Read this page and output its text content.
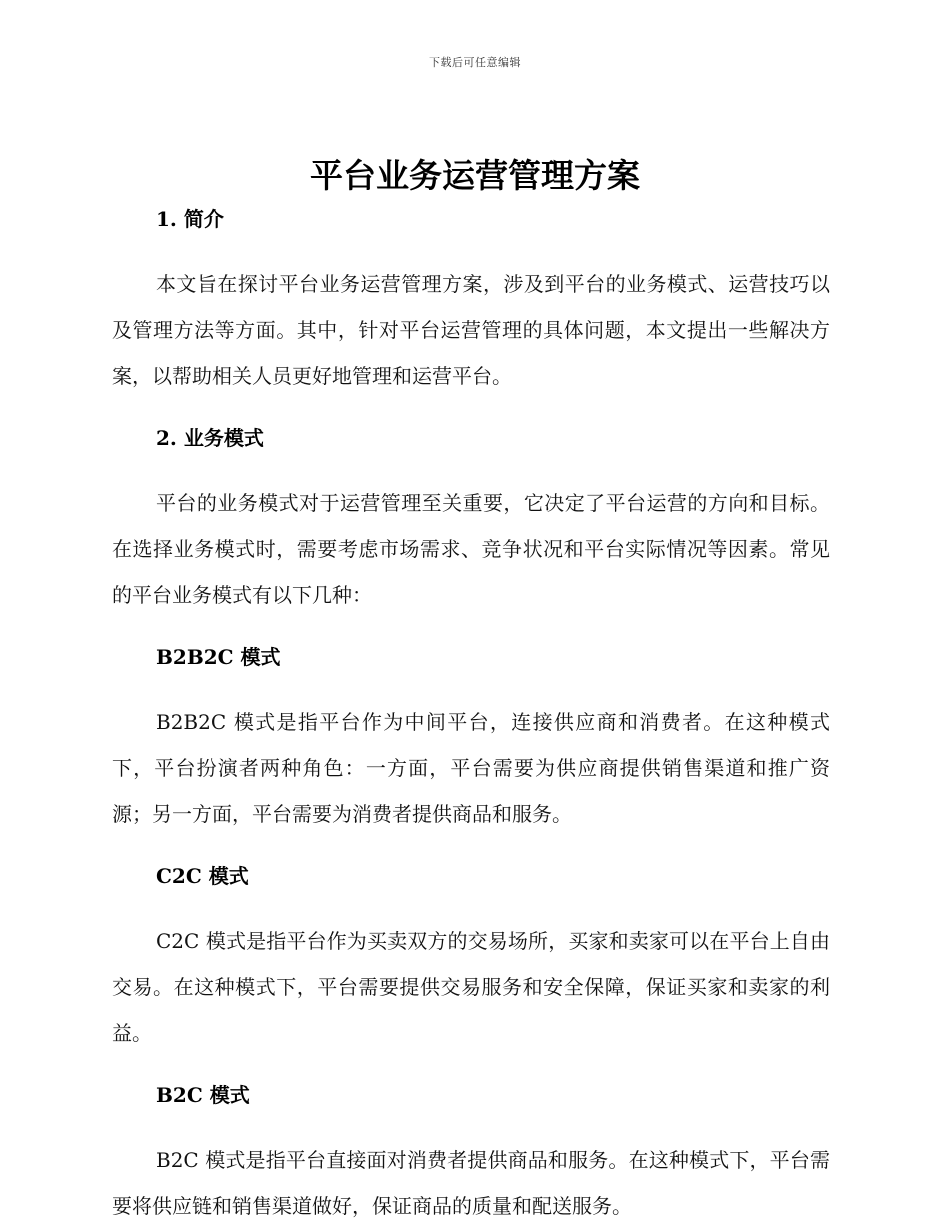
下载后可任意编辑
平台业务运营管理方案

1. 简介

本文旨在探讨平台业务运营管理方案，涉及到平台的业务模式、运营技巧以及管理方法等方面。其中，针对平台运营管理的具体问题，本文提出一些解决方案，以帮助相关人员更好地管理和运营平台。

2. 业务模式

平台的业务模式对于运营管理至关重要，它决定了平台运营的方向和目标。在选择业务模式时，需要考虑市场需求、竞争状况和平台实际情况等因素。常见的平台业务模式有以下几种：

B2B2C 模式

B2B2C 模式是指平台作为中间平台，连接供应商和消费者。在这种模式下，平台扮演者两种角色：一方面，平台需要为供应商提供销售渠道和推广资源；另一方面，平台需要为消费者提供商品和服务。

C2C 模式

C2C 模式是指平台作为买卖双方的交易场所，买家和卖家可以在平台上自由交易。在这种模式下，平台需要提供交易服务和安全保障，保证买家和卖家的利益。

B2C 模式

B2C 模式是指平台直接面对消费者提供商品和服务。在这种模式下，平台需要将供应链和销售渠道做好，保证商品的质量和配送服务。
